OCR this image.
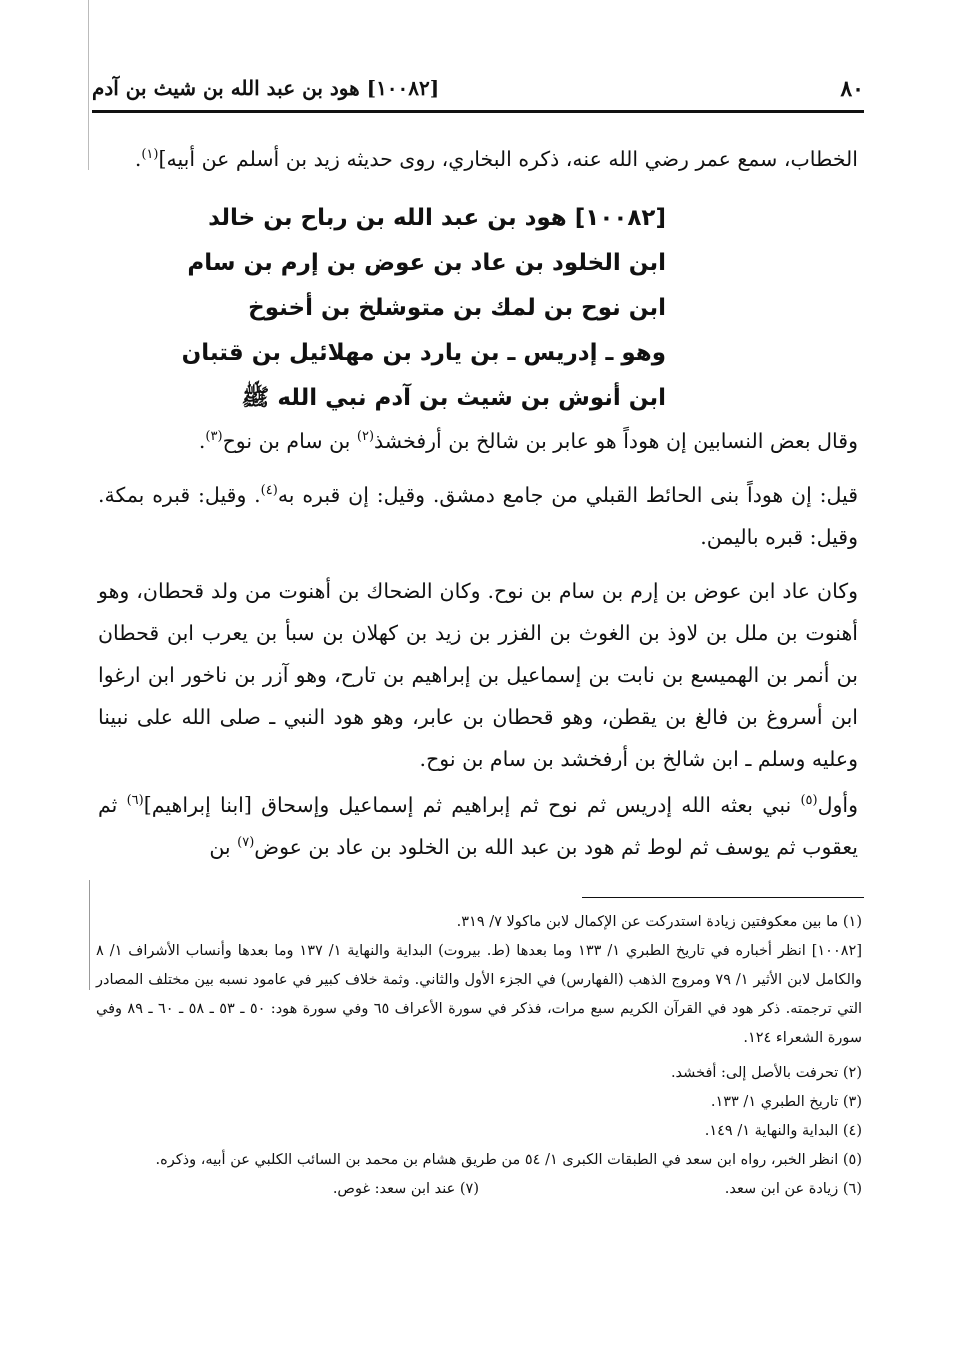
٨٠
[١٠٠٨٢] هود بن عبد الله بن شيث بن آدم
الخطاب، سمع عمر رضي الله عنه، ذكره البخاري، روى حديثه زيد بن أسلم عن أبيه]$^{(١)}$.
[١٠٠٨٢] هود بن عبد الله بن رباح بن خالد
ابن الخلود بن عاد بن عوض بن إرم بن سام
ابن نوح بن لمك بن متوشلخ بن أخنوخ
وهو ـ إدريس ـ بن يارد بن مهلائيل بن قتبان
ابن أنوش بن شيث بن آدم نبي الله ﷺ
وقال بعض النسابين إن هوداً هو عابر بن شالخ بن أرفخشذ$^{(٢)}$ بن سام بن نوح$^{(٣)}$.
قيل: إن هوداً بنى الحائط القبلي من جامع دمشق. وقيل: إن قبره به$^{(٤)}$. وقيل: قبره بمكة. وقيل: قبره باليمن.
وكان عاد ابن عوض بن إرم بن سام بن نوح. وكان الضحاك بن أهنوت من ولد قحطان، وهو أهنوت بن ملل بن لاوذ بن الغوث بن الفزر بن زيد بن كهلان بن سبأ بن يعرب ابن قحطان بن أنمر بن الهميسع بن نابت بن إسماعيل بن إبراهيم بن تارح، وهو آزر بن ناخور ابن ارغوا ابن أسروغ بن فالغ بن يقطن، وهو قحطان بن عابر، وهو هود النبي ـ صلى الله على نبينا وعليه وسلم ـ ابن شالخ بن أرفخشد بن سام بن نوح.
وأول$^{(٥)}$ نبي بعثه الله إدريس ثم نوح ثم إبراهيم ثم إسماعيل وإسحاق [ابنا إبراهيم]$^{(٦)}$ ثم يعقوب ثم يوسف ثم لوط ثم هود بن عبد الله بن الخلود بن عاد بن عوض$^{(٧)}$ بن
(١) ما بين معكوفتين زيادة استدركت عن الإكمال لابن ماكولا ٧/ ٣١٩.
[١٠٠٨٢] انظر أخباره في تاريخ الطبري ١/ ١٣٣ وما بعدها (ط. بيروت) البداية والنهاية ١/ ١٣٧ وما بعدها وأنساب الأشراف ١/ ٨ والكامل لابن الأثير ١/ ٧٩ ومروج الذهب (الفهارس) في الجزء الأول والثاني. وثمة خلاف كبير في عامود نسبه بين مختلف المصادر التي ترجمته. ذكر هود في القرآن الكريم سبع مرات، فذكر في سورة الأعراف ٦٥ وفي سورة هود: ٥٠ ـ ٥٣ ـ ٥٨ ـ ٦٠ ـ ٨٩ وفي سورة الشعراء ١٢٤.
(٢) تحرفت بالأصل إلى: أفخشد.
(٣) تاريخ الطبري ١/ ١٣٣.
(٤) البداية والنهاية ١/ ١٤٩.
(٥) انظر الخبر، رواه ابن سعد في الطبقات الكبرى ١/ ٥٤ من طريق هشام بن محمد بن السائب الكلبي عن أبيه، وذكره.
(٦) زيادة عن ابن سعد.
(٧) عند ابن سعد: غوص.
